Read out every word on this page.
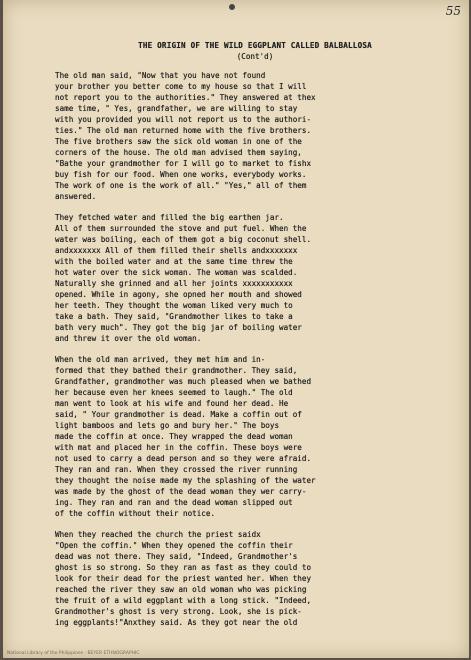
55

THE ORIGIN OF THE WILD EGGPLANT CALLED BALBALLOSA

(Cont'd)

The old man said, "Now that you have not found
your brother you better come to my house so that I will
not report you to the authorities." They answered at thex
same time, " Yes, grandfather, we are willing to stay
with you provided you will not report us to the authori-
ties." The old man returned home with the five brothers.
The five brothers saw the sick old woman in one of the
corners of the house. The old man advised them saying,
"Bathe your grandmother for I will go to market to fishx
buy fish for our food. When one works, everybody works.
The work of one is the work of all." "Yes," all of them
answered.
They fetched water and filled the big earthen jar.
All of them surrounded the stove and put fuel. When the
water was boiling, each of them got a big coconut shell.
andxxxxxxx All of them filled their shells andxxxxxxx
with the boiled water and at the same time threw the
hot water over the sick woman. The woman was scalded.
Naturally she grinned and all her joints xxxxxxxxxxx
opened. While in agony, she opned her mouth and showed
her teeth. They thought the woman liked very much to
take a bath. They said, "Grandmother likes to take a
bath very much". They got the big jar of boiling water
and threw it over the old woman.
When the old man arrived, they met him and in-
formed that they bathed their grandmother. They said,
Grandfather, grandmother was much pleased when we bathed
her because even her knees seemed to laugh." The old
man went to look at his wife and found her dead. He
said, " Your grandmother is dead. Make a coffin out of
light bamboos and lets go and bury her." The boys
made the coffin at once. They wrapped the dead woman
with mat and placed her in the coffin. These boys were
not used to carry a dead person and so they were afraid.
They ran and ran. When they crossed the river running
they thought the noise made my the splashing of the water
was made by the ghost of the dead woman they wer carry-
ing. They ran and ran and the dead woman slipped out
of the coffin without their notice.
When they reached the church the priest saidx
"Open the coffin." When they opened the coffin their
dead was not there. They said, "Indeed, Grandmother's
ghost is so strong. So they ran as fast as they could to
look for their dead for the priest wanted her. When they
reached the river they saw an old woman who was picking
the fruit of a wild eggplant with a long stick. "Indeed,
Grandmother's ghost is very strong. Look, she is pick-
ing eggplants!"Anxthey said. As they got near the old
National Library of the Philippines · BEYER ETHNOGRAPHIC
